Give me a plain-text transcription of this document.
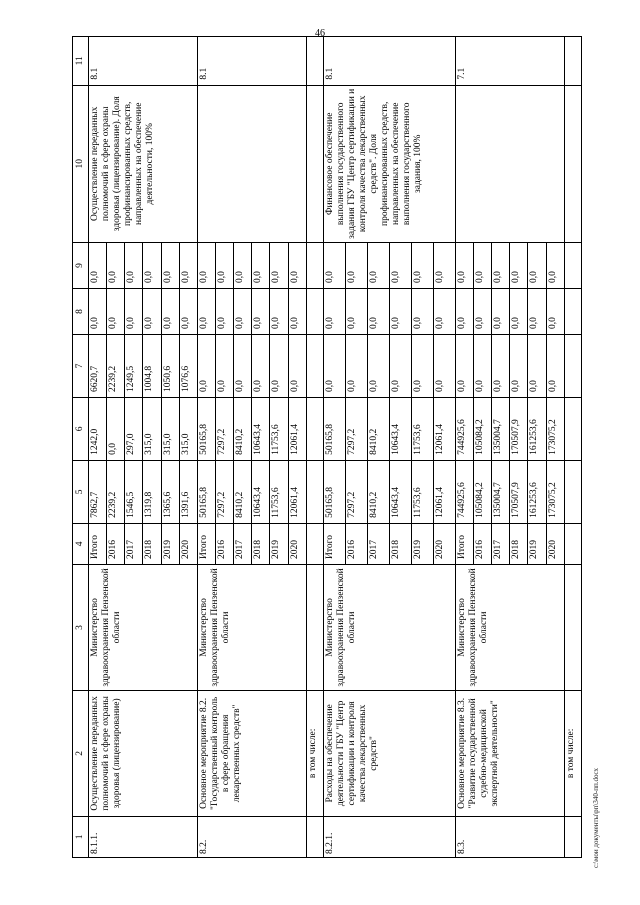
46
1	2	3	4	5	6	7	8	9	10	11
8.1.1.	Осуществление переданных полномочий в сфере охраны здоровья (лицензирование)	Министерство здравоохранения Пензенской области	Итого	7862,7	1242,0	6620,7	0,0	0,0	Осуществление переданных полномочий в сфере охраны здоровья (лицензирование). Доля профинансированных средств, направленных на обеспечение деятельности, 100%	8.1
			2016	2239,2	0,0	2239,2	0,0	0,0		
			2017	1546,5	297,0	1249,5	0,0	0,0		
			2018	1319,8	315,0	1004,8	0,0	0,0		
			2019	1365,6	315,0	1050,6	0,0	0,0		
			2020	1391,6	315,0	1076,6	0,0	0,0		
8.2.	Основное мероприятие 8.2. "Государственный контроль в сфере обращения лекарственных средств"	Министерство здравоохранения Пензенской области	Итого	50165,8	50165,8	0,0	0,0	0,0		8.1
			2016	7297,2	7297,2	0,0	0,0	0,0		
			2017	8410,2	8410,2	0,0	0,0	0,0		
			2018	10643,4	10643,4	0,0	0,0	0,0		
			2019	11753,6	11753,6	0,0	0,0	0,0		
			2020	12061,4	12061,4	0,0	0,0	0,0		
	в том числе:									
8.2.1.	Расходы на обеспечение деятельности ГБУ "Центр сертификации и контроля качества лекарственных средств"	Министерство здравоохранения Пензенской области	Итого	50165,8	50165,8	0,0	0,0	0,0	Финансовое обеспечение выполнения государственного задания ГБУ "Центр сертификации и контроля качества лекарственных средств". Доля профинансированных средств, направленных на обеспечение выполнения государственного задания, 100%	8.1
			2016	7297,2	7297,2	0,0	0,0	0,0		
			2017	8410,2	8410,2	0,0	0,0	0,0		
			2018	10643,4	10643,4	0,0	0,0	0,0		
			2019	11753,6	11753,6	0,0	0,0	0,0		
			2020	12061,4	12061,4	0,0	0,0	0,0		
8.3.	Основное мероприятие 8.3. "Развитие государственной судебно-медицинской экспертной деятельности"	Министерство здравоохранения Пензенской области	Итого	744925,6	744925,6	0,0	0,0	0,0		7.1
			2016	105084,2	105084,2	0,0	0,0	0,0		
			2017	135004,7	135004,7	0,0	0,0	0,0		
			2018	170507,9	170507,9	0,0	0,0	0,0		
			2019	161253,6	161253,6	0,0	0,0	0,0		
			2020	173075,2	173075,2	0,0	0,0	0,0		
	в том числе:									
c:\мои документы\рп\340-пп.docx
